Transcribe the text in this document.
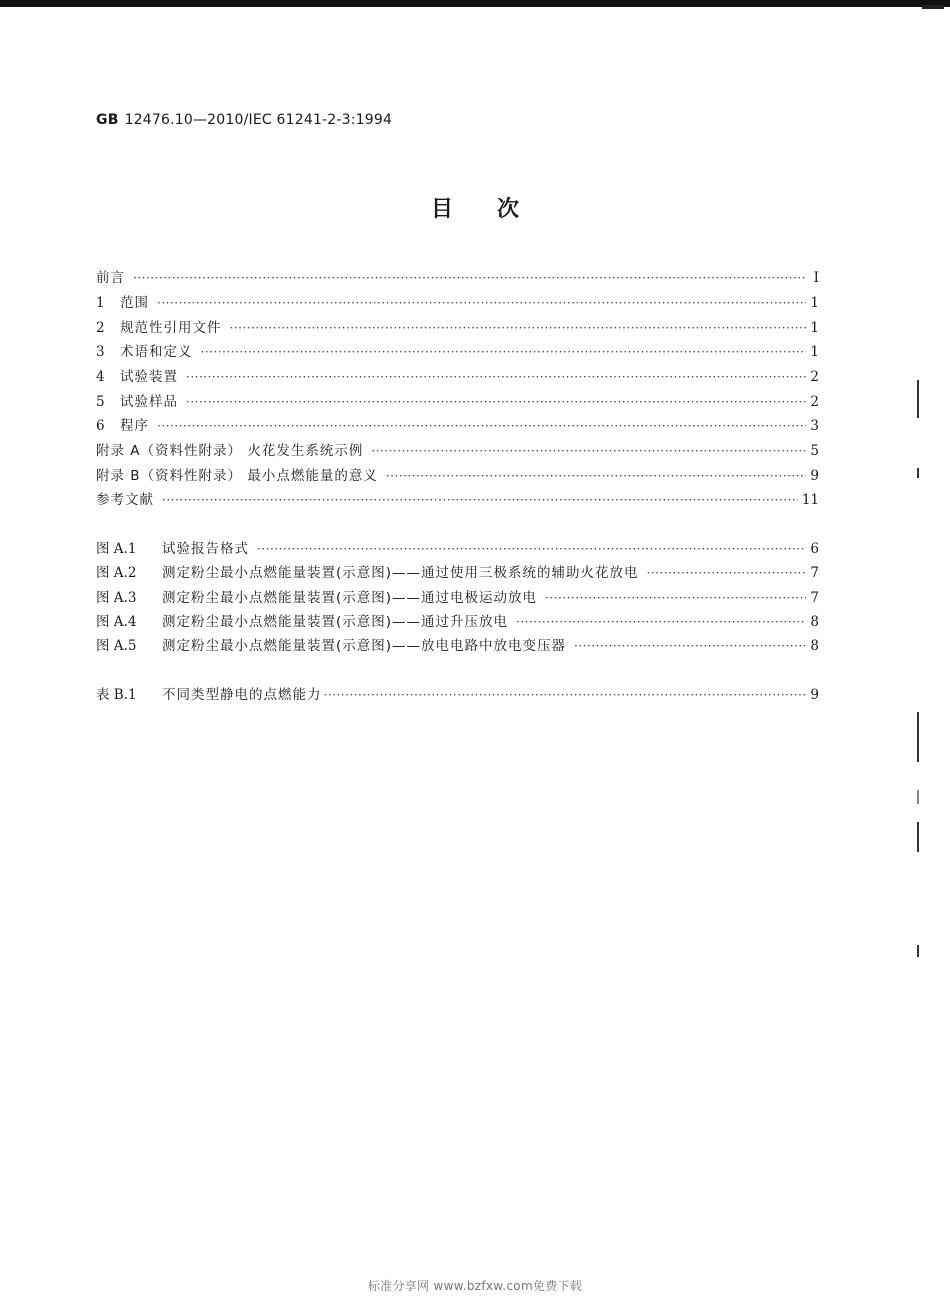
GB 12476.10—2010/IEC 61241-2-3:1994
目次
前言 ·····	I
1	范围 ·····	1
2	规范性引用文件 ·····	1
3	术语和定义 ·····	1
4	试验装置 ·····	2
5	试验样品 ·····	2
6	程序 ·····	3
附录 A（资料性附录） 火花发生系统示例 ·····	5
附录 B（资料性附录） 最小点燃能量的意义 ·····	9
参考文献 ·····	11
图 A.1	试验报告格式 ·····	6
图 A.2	测定粉尘最小点燃能量装置(示意图)——通过使用三极系统的辅助火花放电 ·····	7
图 A.3	测定粉尘最小点燃能量装置(示意图)——通过电极运动放电 ·····	7
图 A.4	测定粉尘最小点燃能量装置(示意图)——通过升压放电 ·····	8
图 A.5	测定粉尘最小点燃能量装置(示意图)——放电电路中放电变压器 ·····	8
表 B.1	不同类型静电的点燃能力 ·····	9
标准分享网 www.bzfxw.com免费下载
